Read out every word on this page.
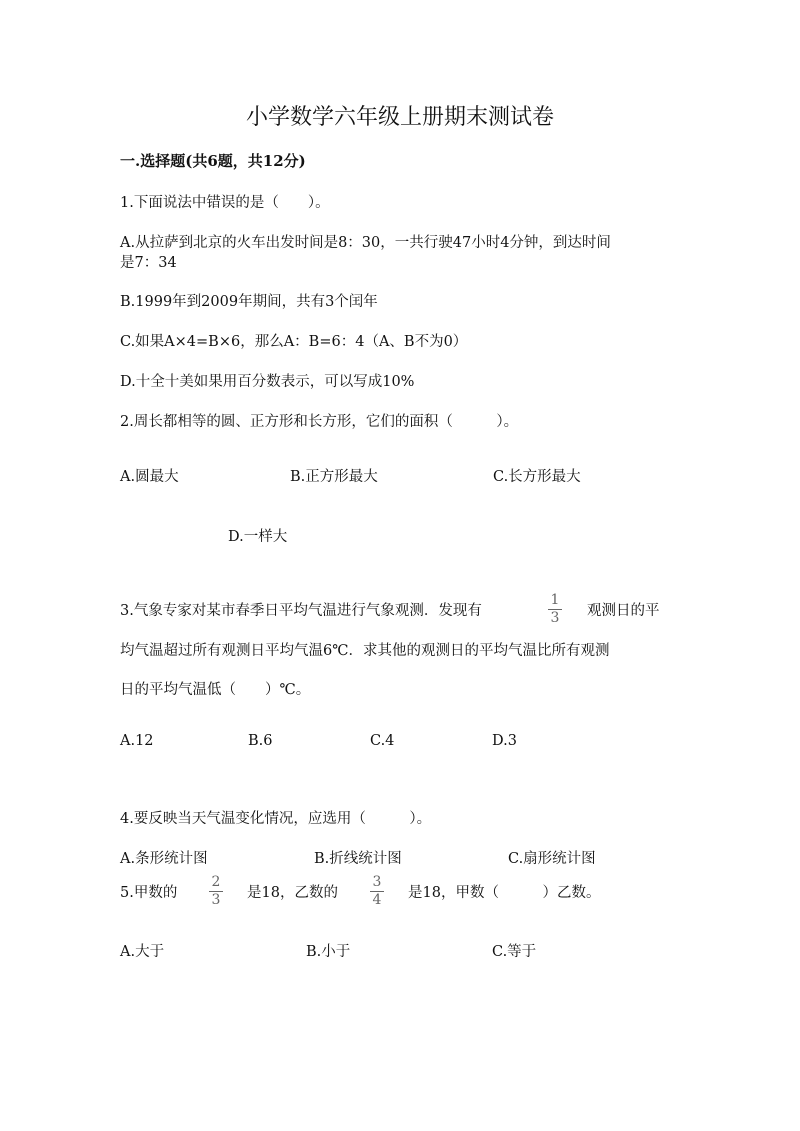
小学数学六年级上册期末测试卷
一.选择题(共6题，共12分)
1.下面说法中错误的是（　　）。
A.从拉萨到北京的火车出发时间是8：30，一共行驶47小时4分钟，到达时间
是7：34
B.1999年到2009年期间，共有3个闰年
C.如果A×4=B×6，那么A：B=6：4（A、B不为0）
D.十全十美如果用百分数表示，可以写成10%
2.周长都相等的圆、正方形和长方形，它们的面积（　　　）。
A.圆最大	B.正方形最大	C.长方形最大
D.一样大
3.气象专家对某市春季日平均气温进行气象观测．发现有
1
3 观测日的平
均气温超过所有观测日平均气温6℃．求其他的观测日的平均气温比所有观测
日的平均气温低（　　）℃。
A.12	B.6	C.4	D.3
4.要反映当天气温变化情况，应选用（　　　）。
A.条形统计图	B.折线统计图	C.扇形统计图
5.甲数的
2
3 是18，乙数的
3
4 是18，甲数（　　　）乙数。
A.大于	B.小于	C.等于
